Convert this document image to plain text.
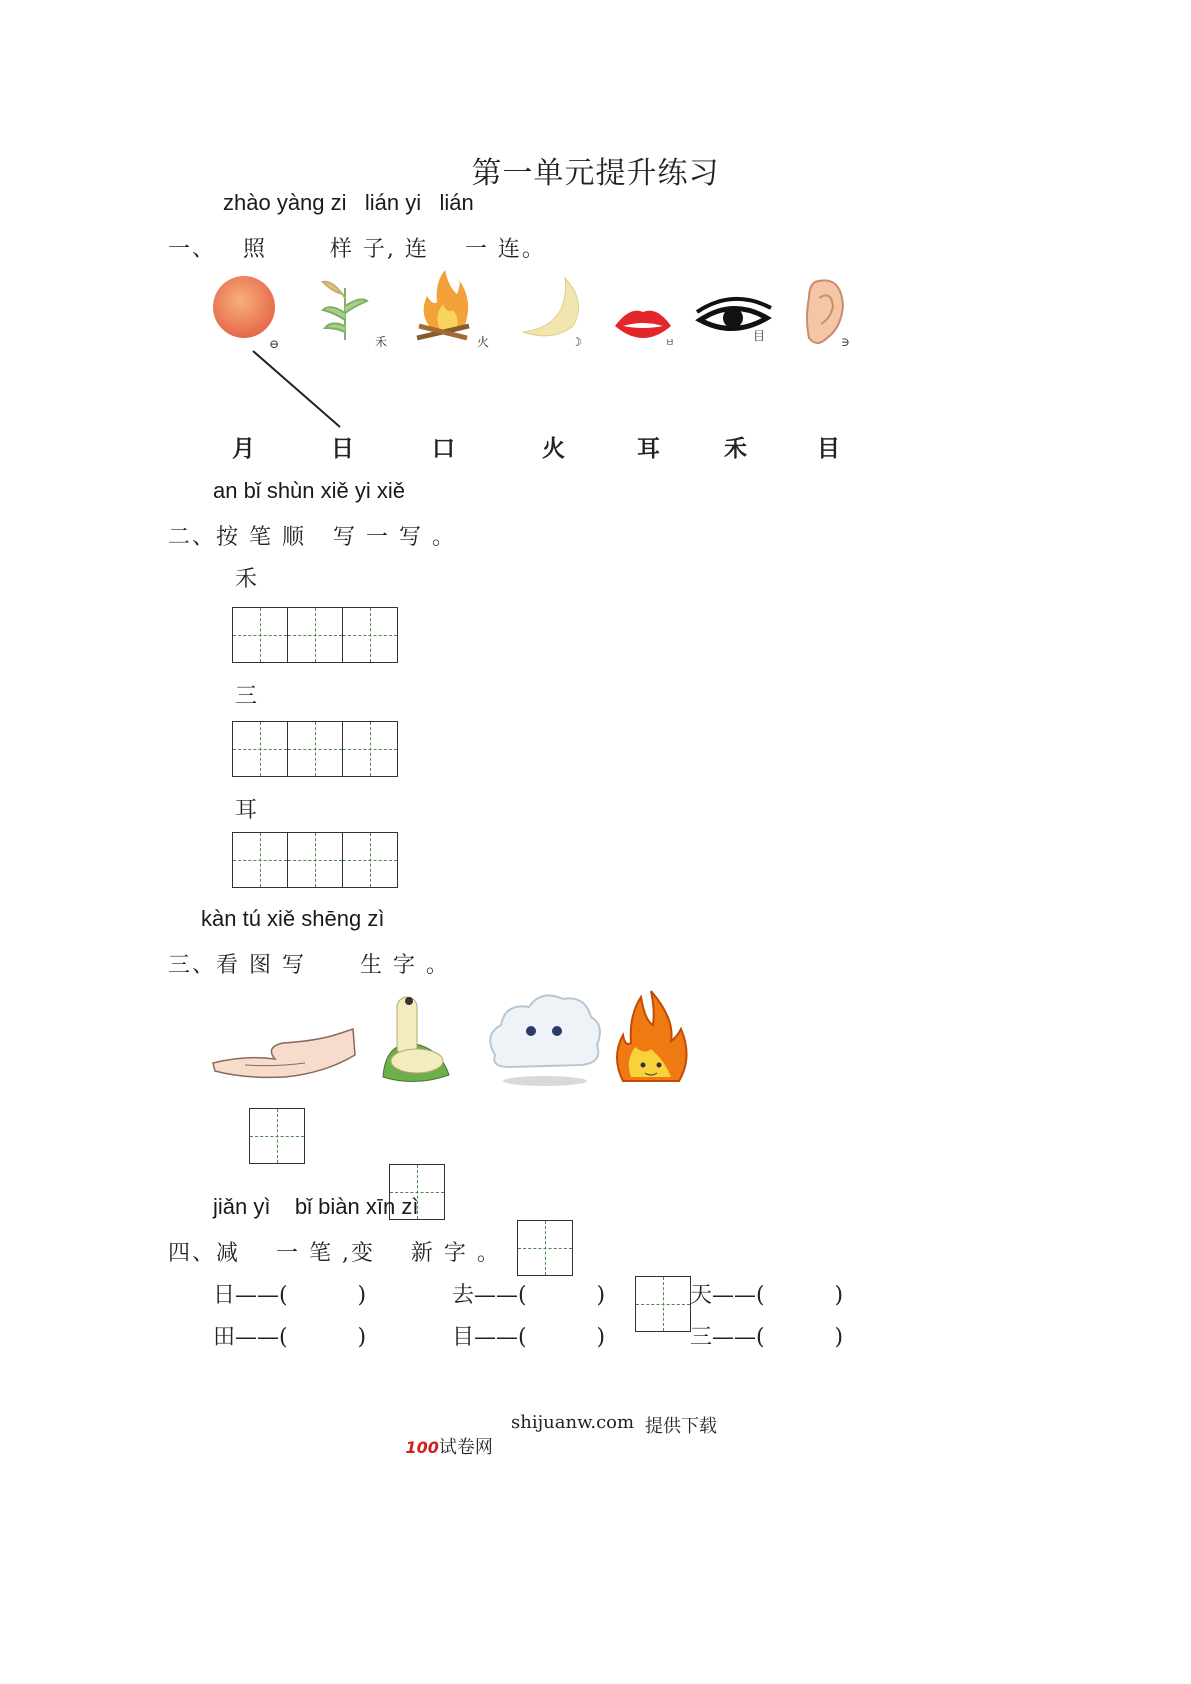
第一单元提升练习
zhào yàng zi   lián yi   lián
一、   照       样 子, 连    一 连。
⊖	禾	火	☽	ㅂ
目	∋
月	日	口	火	耳	禾	目
an bǐ shùn xiě yi xiě
二、按 笔 顺   写 一 写 。
禾
三
耳
kàn tú xiě shēng zì
三、看 图 写      生 字 。
jiǎn yì    bǐ biàn xīn zì
四、减    一 笔 ,变    新 字 。
日——(          )	去——(          )	天——(          )
田——(          )	目——(          )	三——(          )

100试卷网

shijuanw.com 提供下载
